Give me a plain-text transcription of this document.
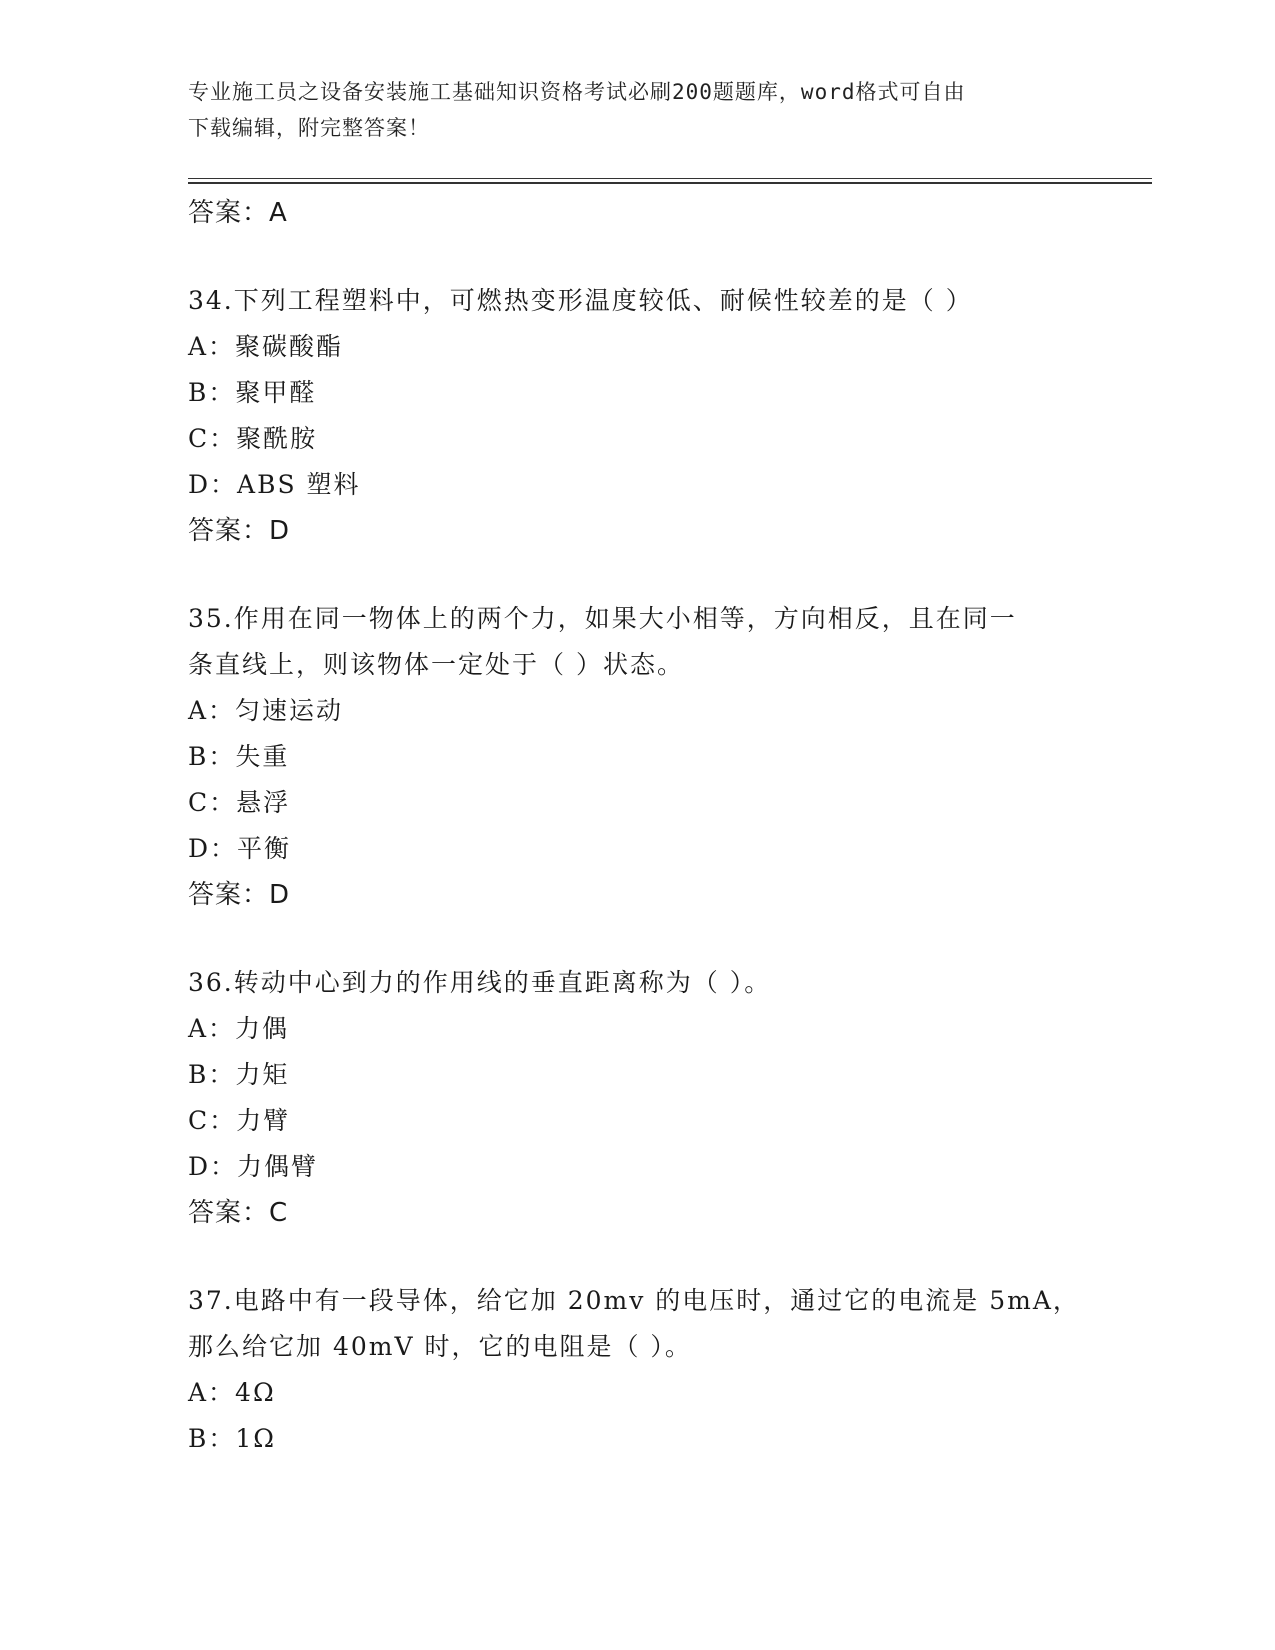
专业施工员之设备安装施工基础知识资格考试必刷200题题库，word格式可自由
下载编辑，附完整答案！
答案：A
34.下列工程塑料中，可燃热变形温度较低、耐候性较差的是（ ）
A：聚碳酸酯
B：聚甲醛
C：聚酰胺
D：ABS 塑料
答案：D
35.作用在同一物体上的两个力，如果大小相等，方向相反，且在同一
条直线上，则该物体一定处于（ ）状态。
A：匀速运动
B：失重
C：悬浮
D：平衡
答案：D
36.转动中心到力的作用线的垂直距离称为（ ）。
A：力偶
B：力矩
C：力臂
D：力偶臂
答案：C
37.电路中有一段导体，给它加 20mv 的电压时，通过它的电流是 5mA，
那么给它加 40mV 时，它的电阻是（ ）。
A：4Ω
B：1Ω
